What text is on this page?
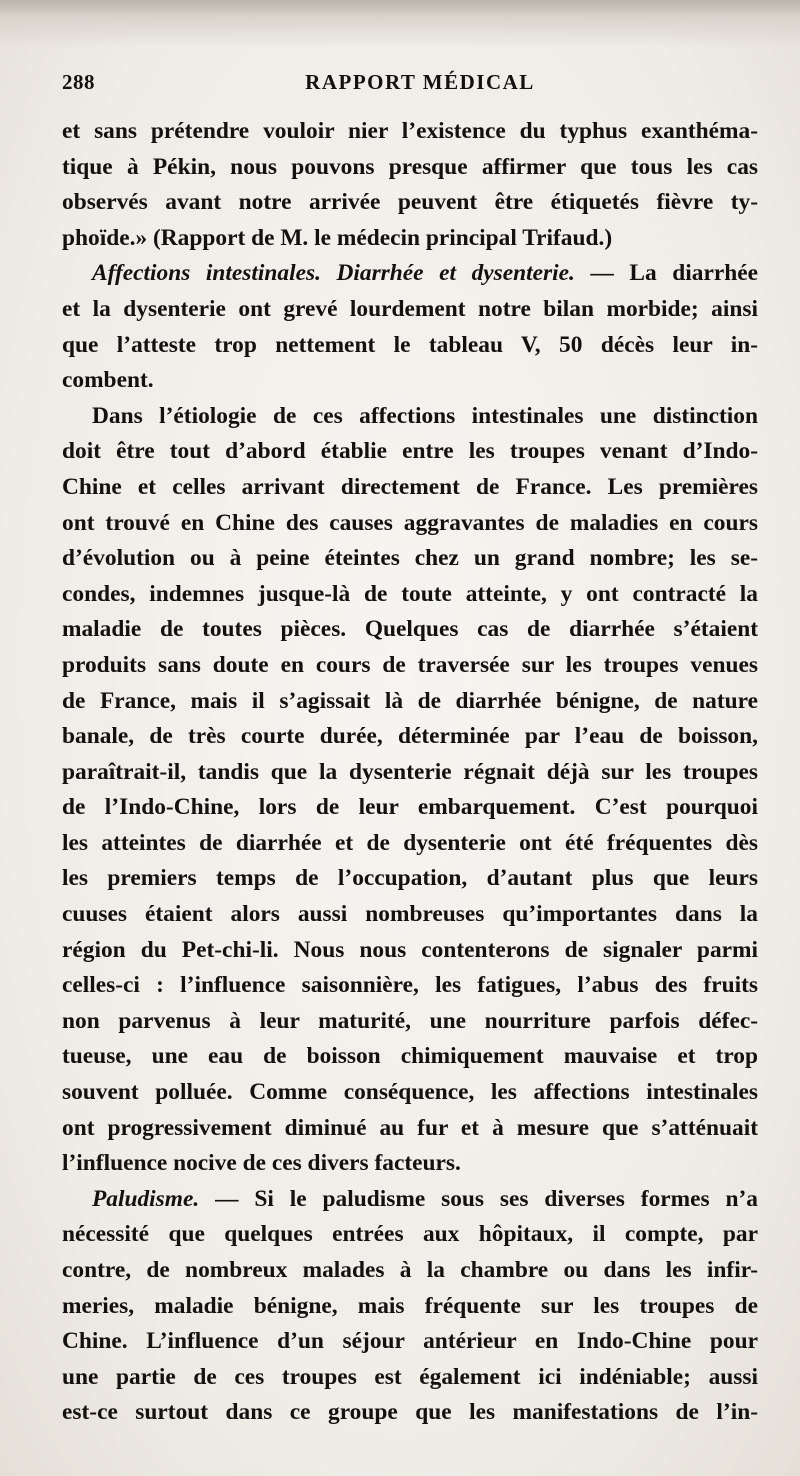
288	RAPPORT MÉDICAL
et sans prétendre vouloir nier l’existence du typhus exanthéma-
tique à Pékin, nous pouvons presque affirmer que tous les cas
observés avant notre arrivée peuvent être étiquetés fièvre ty-
phoïde.» (Rapport de M. le médecin principal Trifaud.)
Affections intestinales. Diarrhée et dysenterie. — La diarrhée
et la dysenterie ont grevé lourdement notre bilan morbide; ainsi
que l’atteste trop nettement le tableau V, 50 décès leur in-
combent.
Dans l’étiologie de ces affections intestinales une distinction
doit être tout d’abord établie entre les troupes venant d’Indo-
Chine et celles arrivant directement de France. Les premières
ont trouvé en Chine des causes aggravantes de maladies en cours
d’évolution ou à peine éteintes chez un grand nombre; les se-
condes, indemnes jusque-là de toute atteinte, y ont contracté la
maladie de toutes pièces. Quelques cas de diarrhée s’étaient
produits sans doute en cours de traversée sur les troupes venues
de France, mais il s’agissait là de diarrhée bénigne, de nature
banale, de très courte durée, déterminée par l’eau de boisson,
paraîtrait-il, tandis que la dysenterie régnait déjà sur les troupes
de l’Indo-Chine, lors de leur embarquement. C’est pourquoi
les atteintes de diarrhée et de dysenterie ont été fréquentes dès
les premiers temps de l’occupation, d’autant plus que leurs
cuuses étaient alors aussi nombreuses qu’importantes dans la
région du Pet-chi-li. Nous nous contenterons de signaler parmi
celles-ci : l’influence saisonnière, les fatigues, l’abus des fruits
non parvenus à leur maturité, une nourriture parfois défec-
tueuse, une eau de boisson chimiquement mauvaise et trop
souvent polluée. Comme conséquence, les affections intestinales
ont progressivement diminué au fur et à mesure que s’atténuait
l’influence nocive de ces divers facteurs.
Paludisme. — Si le paludisme sous ses diverses formes n’a
nécessité que quelques entrées aux hôpitaux, il compte, par
contre, de nombreux malades à la chambre ou dans les infir-
meries, maladie bénigne, mais fréquente sur les troupes de
Chine. L’influence d’un séjour antérieur en Indo-Chine pour
une partie de ces troupes est également ici indéniable; aussi
est-ce surtout dans ce groupe que les manifestations de l’in-
